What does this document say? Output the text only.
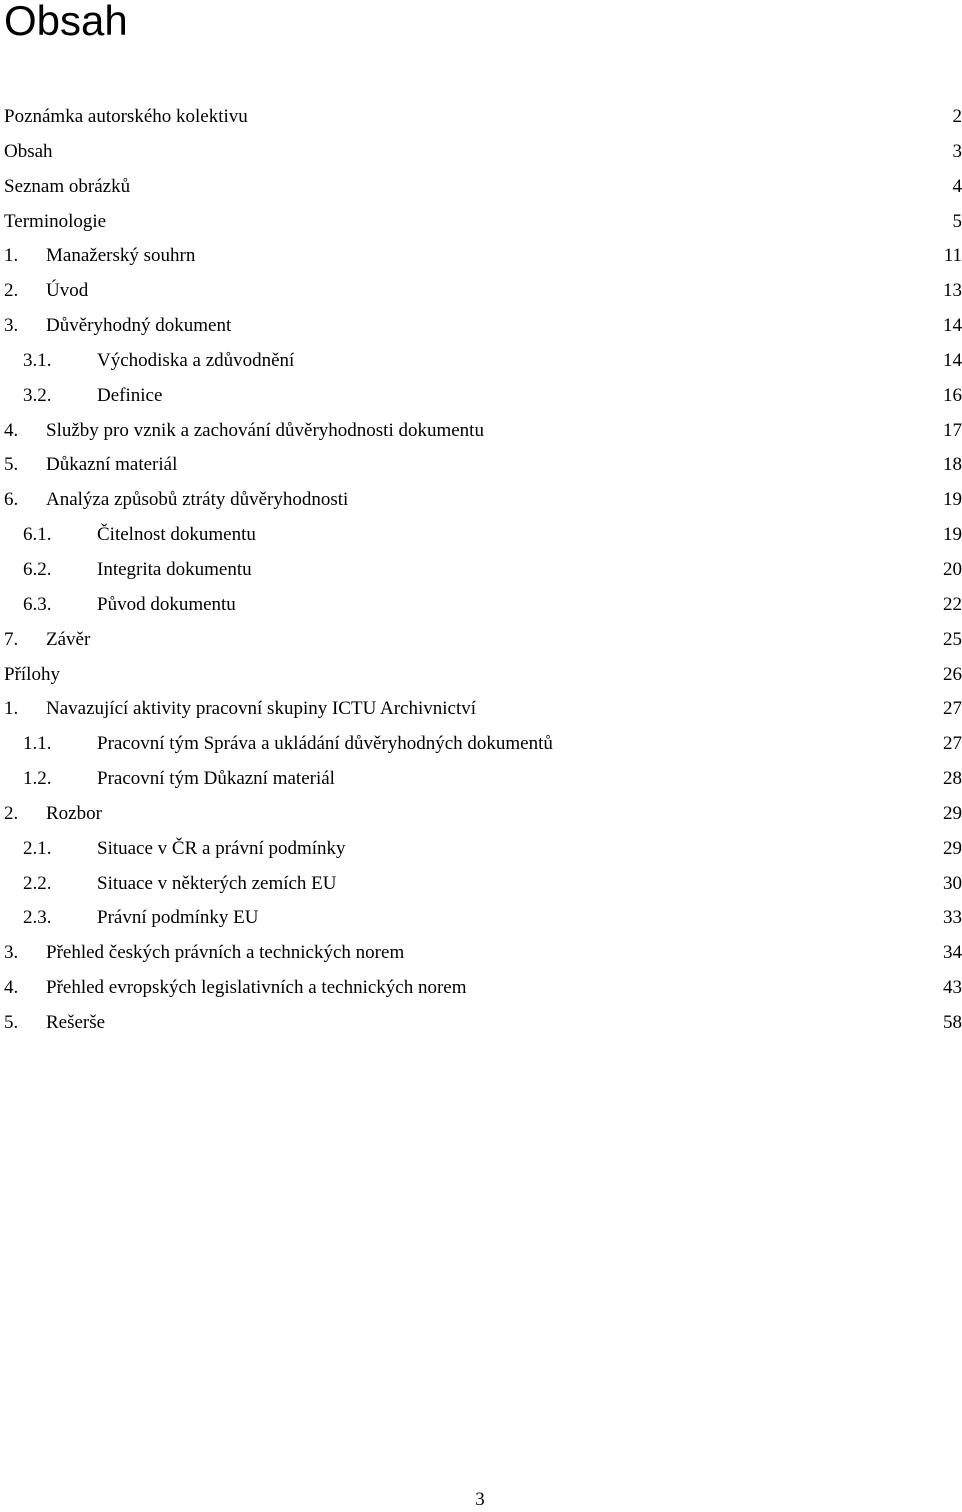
Obsah
Poznámka autorského kolektivu	2
Obsah	3
Seznam obrázků	4
Terminologie	5
1. Manažerský souhrn	11
2. Úvod	13
3. Důvěryhodný dokument	14
3.1. Východiska a zdůvodnění	14
3.2. Definice	16
4. Služby pro vznik a zachování důvěryhodnosti dokumentu	17
5. Důkazní materiál	18
6. Analýza způsobů ztráty důvěryhodnosti	19
6.1. Čitelnost dokumentu	19
6.2. Integrita dokumentu	20
6.3. Původ dokumentu	22
7. Závěr	25
Přílohy	26
1. Navazující aktivity pracovní skupiny ICTU Archivnictví	27
1.1. Pracovní tým Správa a ukládání důvěryhodných dokumentů	27
1.2. Pracovní tým Důkazní materiál	28
2. Rozbor	29
2.1. Situace v ČR a právní podmínky	29
2.2. Situace v některých zemích EU	30
2.3. Právní podmínky EU	33
3. Přehled českých právních a technických norem	34
4. Přehled evropských legislativních a technických norem	43
5. Rešerše	58
3
